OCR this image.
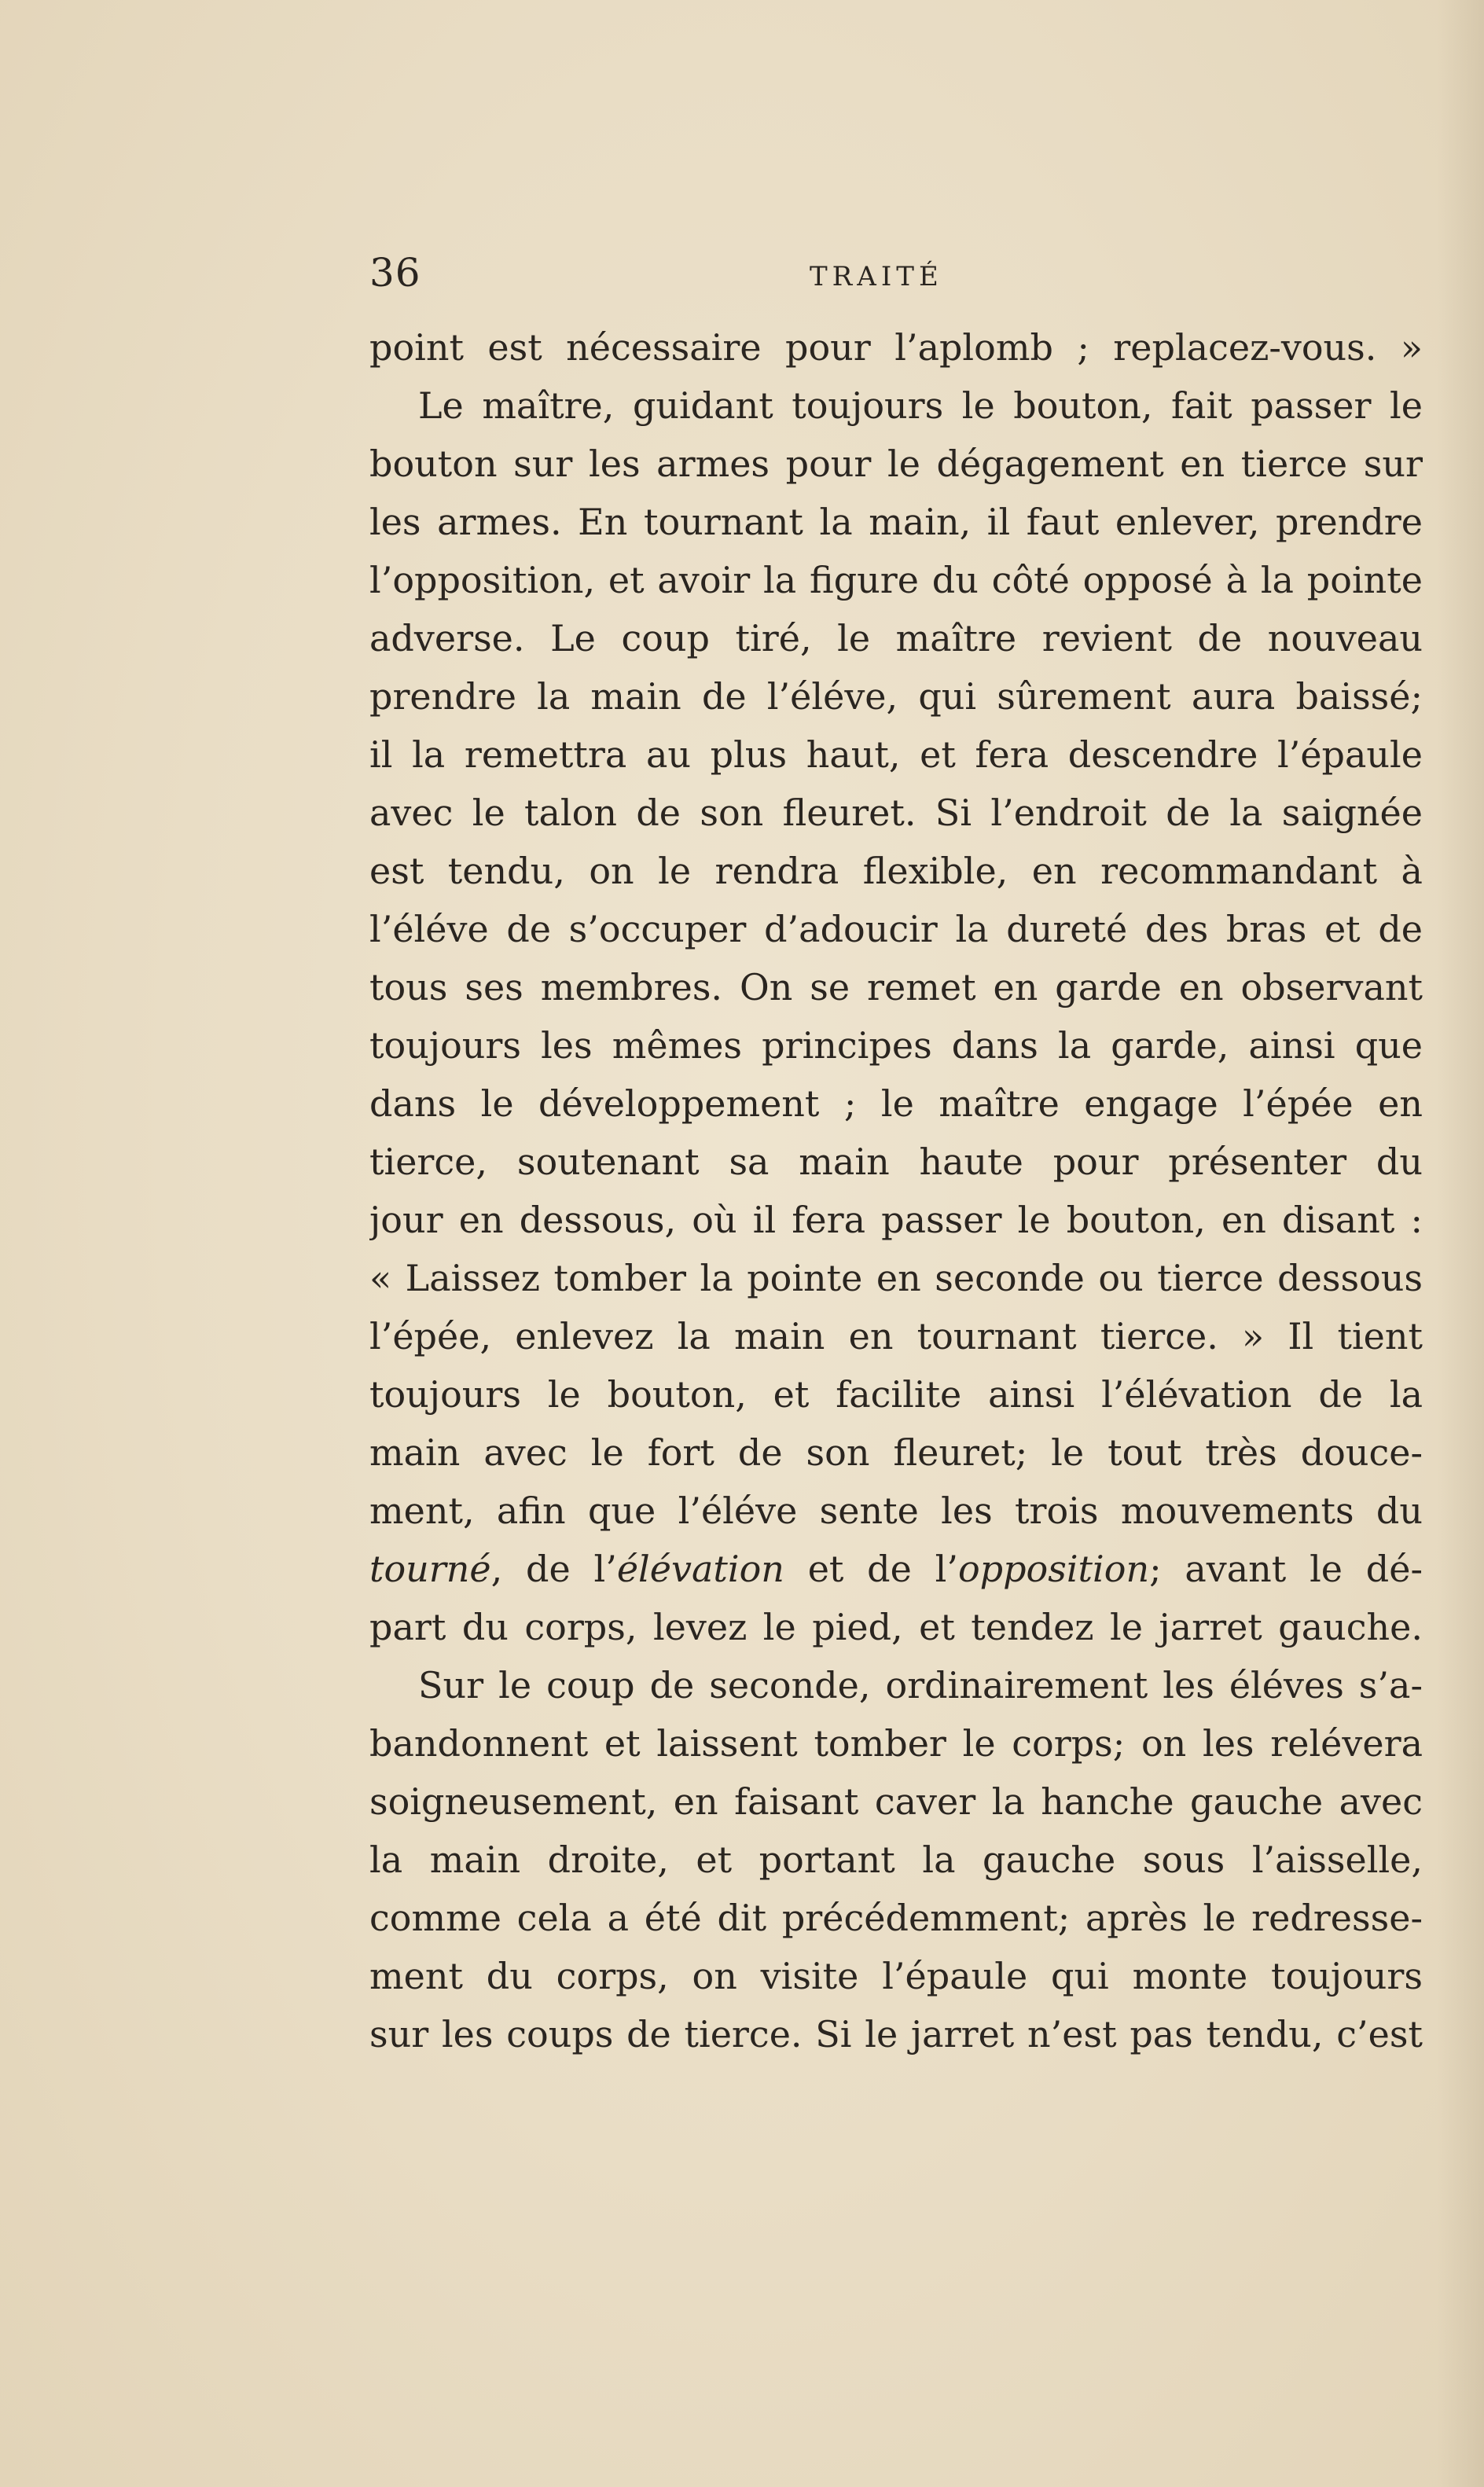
36	TRAITÉ
point est nécessaire pour l’aplomb ; replacez-vous. »
Le maître, guidant toujours le bouton, fait passer le
bouton sur les armes pour le dégagement en tierce sur
les armes. En tournant la main, il faut enlever, prendre
l’opposition, et avoir la figure du côté opposé à la pointe
adverse. Le coup tiré, le maître revient de nouveau
prendre la main de l’éléve, qui sûrement aura baissé;
il la remettra au plus haut, et fera descendre l’épaule
avec le talon de son fleuret. Si l’endroit de la saignée
est tendu, on le rendra flexible, en recommandant à
l’éléve de s’occuper d’adoucir la dureté des bras et de
tous ses membres. On se remet en garde en observant
toujours les mêmes principes dans la garde, ainsi que
dans le développement ; le maître engage l’épée en
tierce, soutenant sa main haute pour présenter du
jour en dessous, où il fera passer le bouton, en disant :
« Laissez tomber la pointe en seconde ou tierce dessous
l’épée, enlevez la main en tournant tierce. » Il tient
toujours le bouton, et facilite ainsi l’élévation de la
main avec le fort de son fleuret; le tout très douce-
ment, afin que l’éléve sente les trois mouvements du
tourné, de l’élévation et de l’opposition; avant le dé-
part du corps, levez le pied, et tendez le jarret gauche.
Sur le coup de seconde, ordinairement les éléves s’a-
bandonnent et laissent tomber le corps; on les relévera
soigneusement, en faisant caver la hanche gauche avec
la main droite, et portant la gauche sous l’aisselle,
comme cela a été dit précédemment; après le redresse-
ment du corps, on visite l’épaule qui monte toujours
sur les coups de tierce. Si le jarret n’est pas tendu, c’est
